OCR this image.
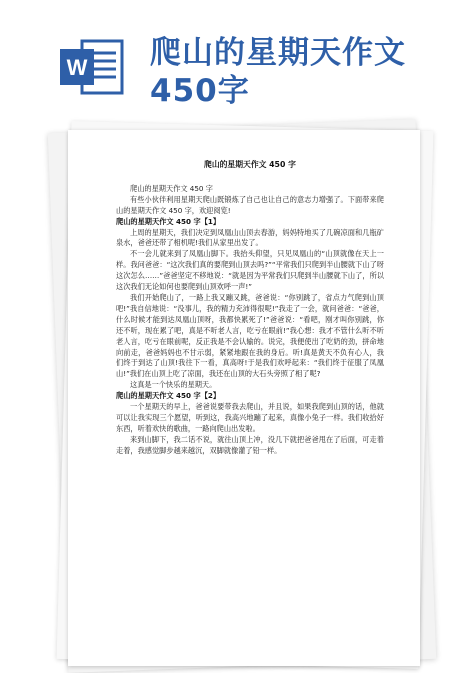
W 爬山的星期天作文
450字
爬山的星期天作文 450 字

爬山的星期天作文 450 字

有些小伙伴利用星期天爬山既锻炼了自己也让自己的意志力增强了。下面带来爬山的星期天作文 450 字，欢迎阅览!

爬山的星期天作文 450 字【1】

上周的星期天，我们决定到凤凰山山顶去春游，妈妈特地买了几碗凉面和几瓶矿泉水，爸爸还带了相机呢!我们从家里出发了。

不一会儿就来到了凤凰山脚下。我抬头仰望，只见凤凰山的“山顶就像在天上一样。我问爸爸：“这次我们真的要爬到山顶去吗?”“平常我们只爬到半山腰就下山了呀这次怎么……”爸爸坚定不移地说：“就是因为平常我们只爬到半山腰就下山了，所以这次我们无论如何也要爬到山顶欢呼一声!”

我们开始爬山了，一路上我又蹦又跳，爸爸说：“你别跳了，省点力气爬到山顶吧!”我自信地说：“没事儿，我的精力充沛得很呢!”我走了一会，就问爸爸：“爸爸，什么时候才能到达凤凰山顶呀，我都快累死了!”爸爸说：“看吧，刚才叫你别跳，你还不听，现在累了吧，真是不听老人言，吃亏在眼前!”我心想：我才不管什么听不听老人言，吃亏在眼前呢，反正我是不会认输的。说完，我便使出了吃奶的劲，拼命地向前走，爸爸妈妈也不甘示弱，紧紧地跟在我的身后。听!真是黄天不负有心人，我们终于到达了山顶!我往下一看，真高呀!于是我们欢呼起来：“我们终于征服了凤凰山!”我们在山顶上吃了凉面，我还在山顶的大石头旁照了相了呢?

这真是一个快乐的星期天。

爬山的星期天作文 450 字【2】

一个星期天的早上，爸爸说要带我去爬山，并且说，如果我爬到山顶的话，他就可以让我实现三个愿望，听到这，我高兴地蹦了起来，真像小兔子一样。我们收拾好东西，听着欢快的歌曲，一路向爬山出发啦。

来到山脚下，我二话不说，就往山顶上冲，没几下就把爸爸甩在了后面，可走着走着，我感觉脚步越来越沉，双脚就像灌了铅一样。
